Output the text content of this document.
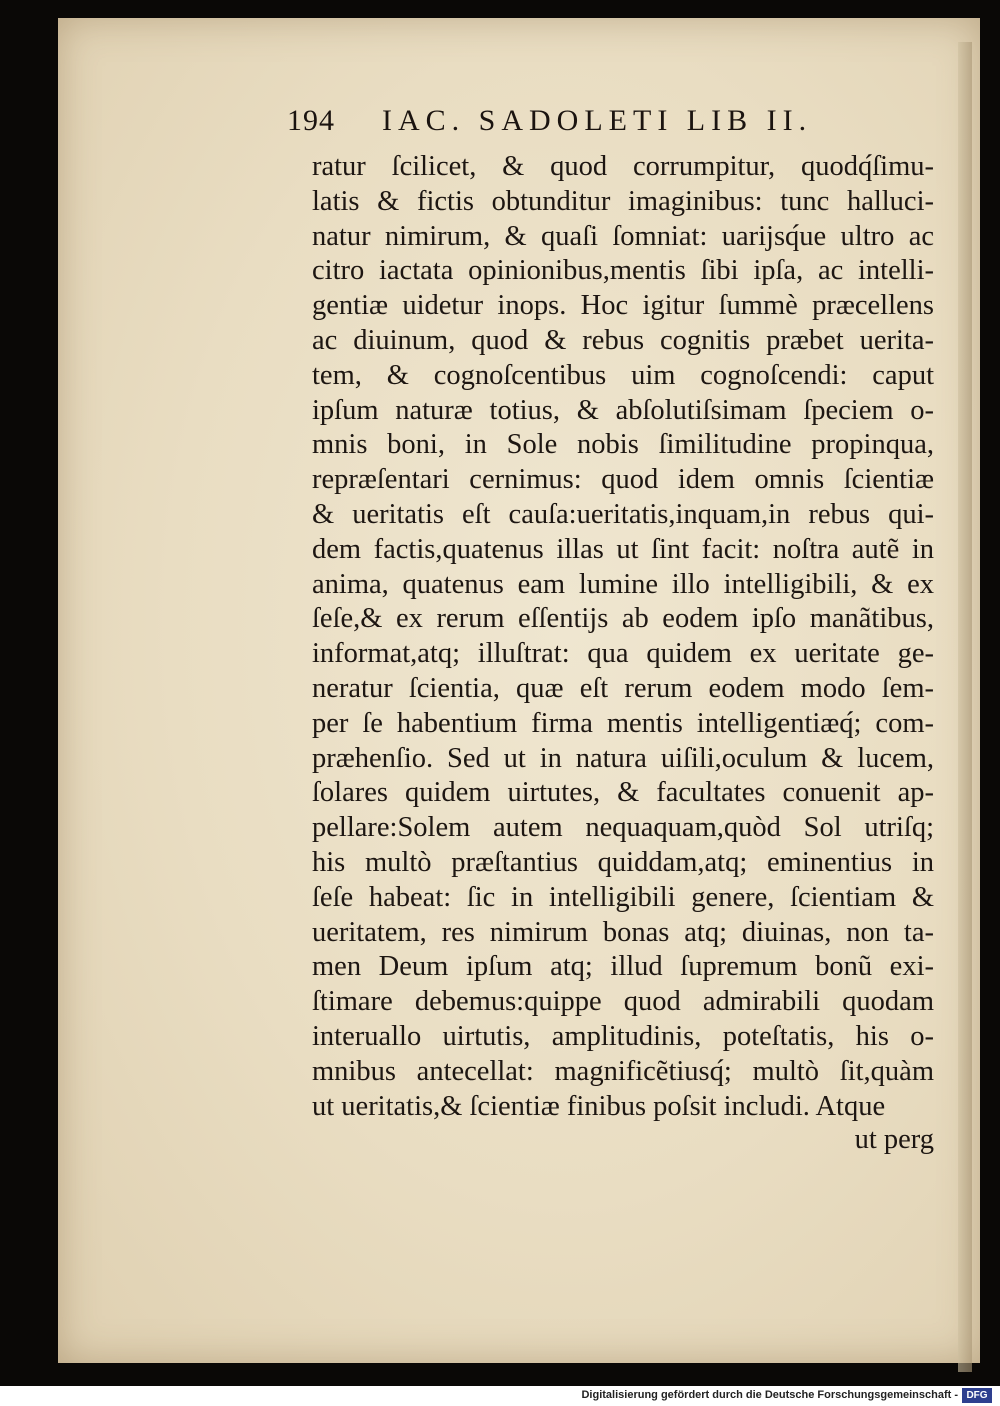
194 IAC. SADOLETI LIB II.
ratur ſcilicet, & quod corrumpitur, quodq́ſimu-
latis & fictis obtunditur imaginibus: tunc halluci-
natur nimirum, & quaſi ſomniat: uarijsq́ue ultro ac
citro iactata opinionibus,mentis ſibi ipſa, ac intelli-
gentiæ uidetur inops. Hoc igitur ſummè præcellens
ac diuinum, quod & rebus cognitis præbet uerita-
tem, & cognoſcentibus uim cognoſcendi: caput
ipſum naturæ totius, & abſolutiſsimam ſpeciem o-
mnis boni, in Sole nobis ſimilitudine propinqua,
repræſentari cernimus: quod idem omnis ſcientiæ
& ueritatis eſt cauſa:ueritatis,inquam,in rebus qui-
dem factis,quatenus illas ut ſint facit: noſtra autẽ in
anima, quatenus eam lumine illo intelligibili, & ex
ſeſe,& ex rerum eſſentijs ab eodem ipſo manãtibus,
informat,atq; illuſtrat: qua quidem ex ueritate ge-
neratur ſcientia, quæ eſt rerum eodem modo ſem-
per ſe habentium firma mentis intelligentiæq́; com-
præhenſio. Sed ut in natura uiſili,oculum & lucem,
ſolares quidem uirtutes, & facultates conuenit ap-
pellare:Solem autem nequaquam,quòd Sol utriſq;
his multò præſtantius quiddam,atq; eminentius in
ſeſe habeat: ſic in intelligibili genere, ſcientiam &
ueritatem, res nimirum bonas atq; diuinas, non ta-
men Deum ipſum atq; illud ſupremum bonũ exi-
ſtimare debemus:quippe quod admirabili quodam
interuallo uirtutis, amplitudinis, poteſtatis, his o-
mnibus antecellat: magnificẽtiusq́; multò ſit,quàm
ut ueritatis,& ſcientiæ finibus poſsit includi. Atque
ut perg
Digitalisierung gefördert durch die Deutsche Forschungsgemeinschaft - DFG
